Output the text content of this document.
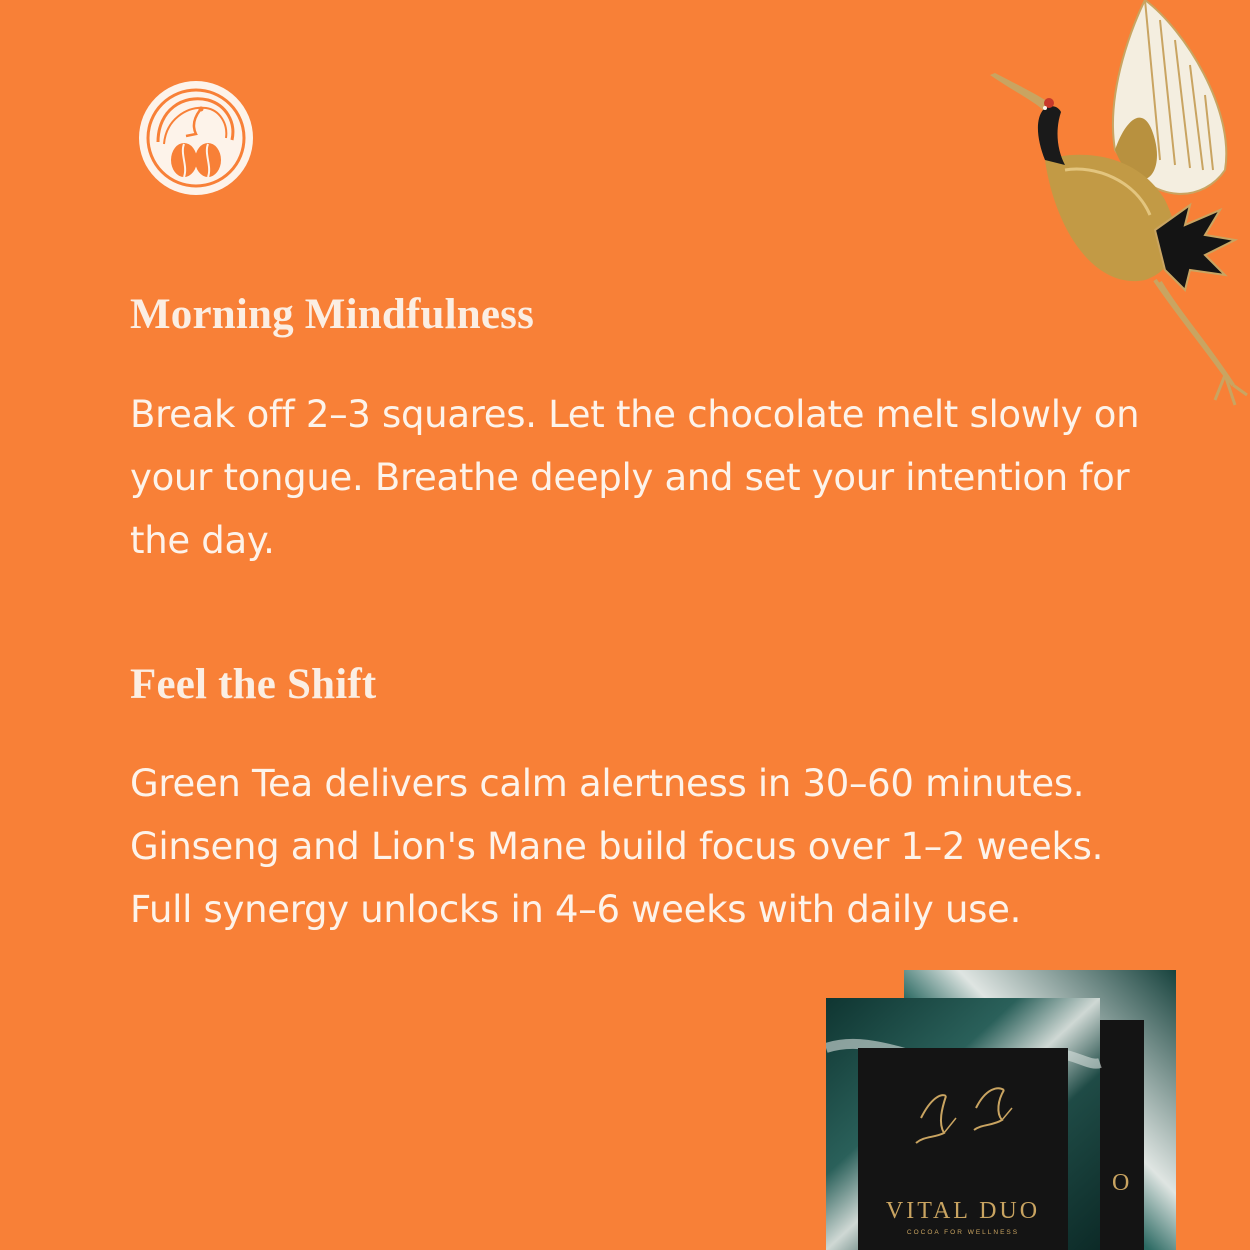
Morning Mindfulness

Break off 2–3 squares. Let the chocolate melt slowly on your tongue. Breathe deeply and set your intention for the day.

Feel the Shift

Green Tea delivers calm alertness in 30–60 minutes. Ginseng and Lion's Mane build focus over 1–2 weeks. Full synergy unlocks in 4–6 weeks with daily use.

O
VITAL DUO
COCOA FOR WELLNESS
